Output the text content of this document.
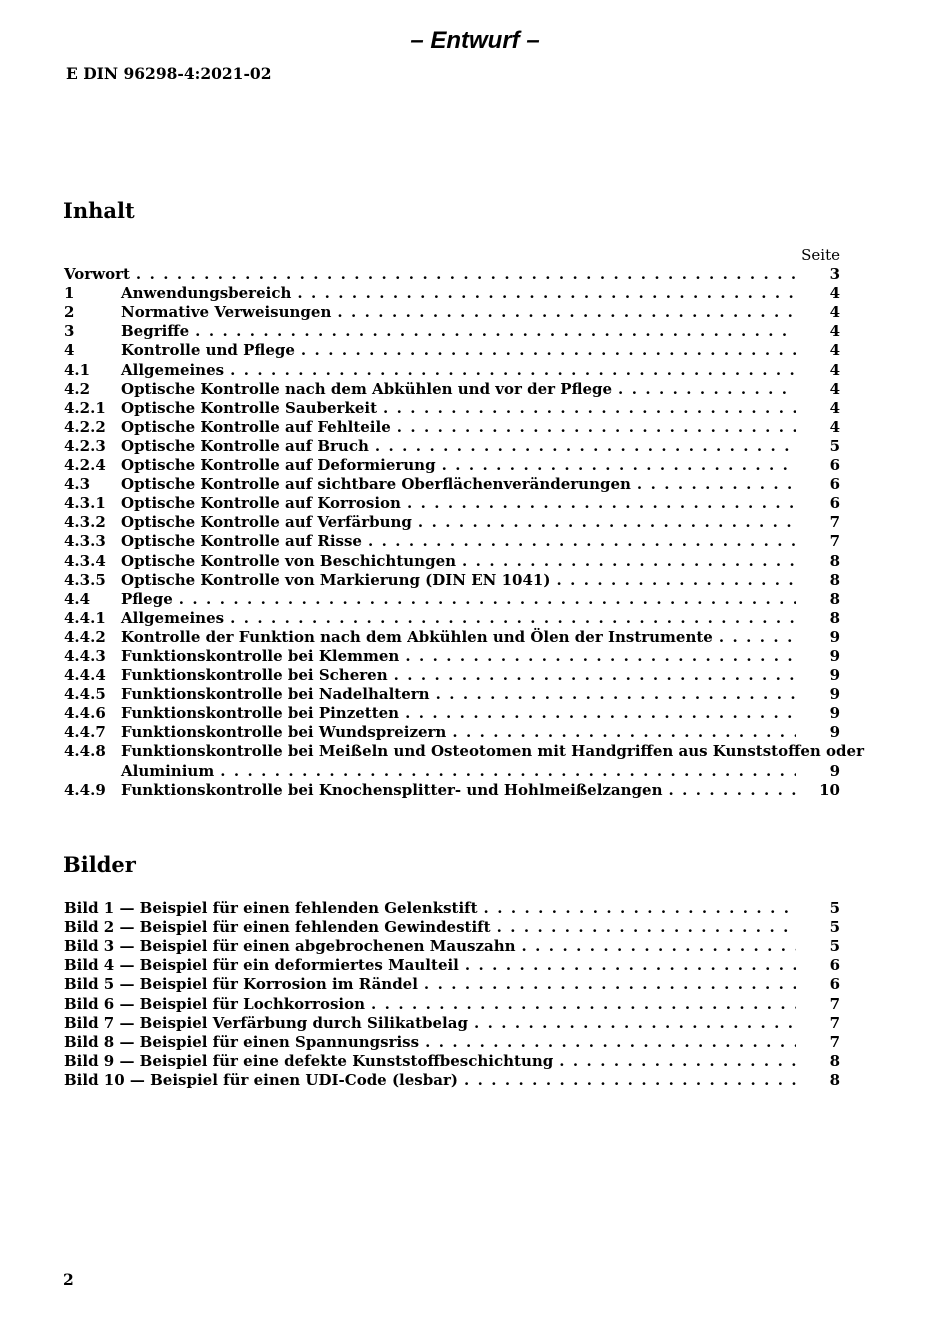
– Entwurf –
E DIN 96298-4:2021-02
Inhalt
Seite
Vorwort . . .	3
1	Anwendungsbereich . . .	4
2	Normative Verweisungen . . .	4
3	Begriffe . . .	4
4	Kontrolle und Pflege . . .	4
4.1	Allgemeines . . .	4
4.2	Optische Kontrolle nach dem Abkühlen und vor der Pflege . . .	4
4.2.1	Optische Kontrolle Sauberkeit . . .	4
4.2.2	Optische Kontrolle auf Fehlteile . . .	4
4.2.3	Optische Kontrolle auf Bruch . . .	5
4.2.4	Optische Kontrolle auf Deformierung . . .	6
4.3	Optische Kontrolle auf sichtbare Oberflächenveränderungen . . .	6
4.3.1	Optische Kontrolle auf Korrosion . . .	6
4.3.2	Optische Kontrolle auf Verfärbung . . .	7
4.3.3	Optische Kontrolle auf Risse . . .	7
4.3.4	Optische Kontrolle von Beschichtungen . . .	8
4.3.5	Optische Kontrolle von Markierung (DIN EN 1041) . . .	8
4.4	Pflege . . .	8
4.4.1	Allgemeines . . .	8
4.4.2	Kontrolle der Funktion nach dem Abkühlen und Ölen der Instrumente . . .	9
4.4.3	Funktionskontrolle bei Klemmen . . .	9
4.4.4	Funktionskontrolle bei Scheren . . .	9
4.4.5	Funktionskontrolle bei Nadelhaltern . . .	9
4.4.6	Funktionskontrolle bei Pinzetten . . .	9
4.4.7	Funktionskontrolle bei Wundspreizern . . .	9
4.4.8	Funktionskontrolle bei Meißeln und Osteotomen mit Handgriffen aus Kunststoffen oder
Aluminium . . .	9
4.4.9	Funktionskontrolle bei Knochensplitter- und Hohlmeißelzangen . . .	10
Bilder
Bild 1 — Beispiel für einen fehlenden Gelenkstift . . .	5
Bild 2 — Beispiel für einen fehlenden Gewindestift . . .	5
Bild 3 — Beispiel für einen abgebrochenen Mauszahn . . .	5
Bild 4 — Beispiel für ein deformiertes Maulteil . . .	6
Bild 5 — Beispiel für Korrosion im Rändel . . .	6
Bild 6 — Beispiel für Lochkorrosion . . .	7
Bild 7 — Beispiel Verfärbung durch Silikatbelag . . .	7
Bild 8 — Beispiel für einen Spannungsriss . . .	7
Bild 9 — Beispiel für eine defekte Kunststoffbeschichtung . . .	8
Bild 10 — Beispiel für einen UDI-Code (lesbar) . . .	8
2
